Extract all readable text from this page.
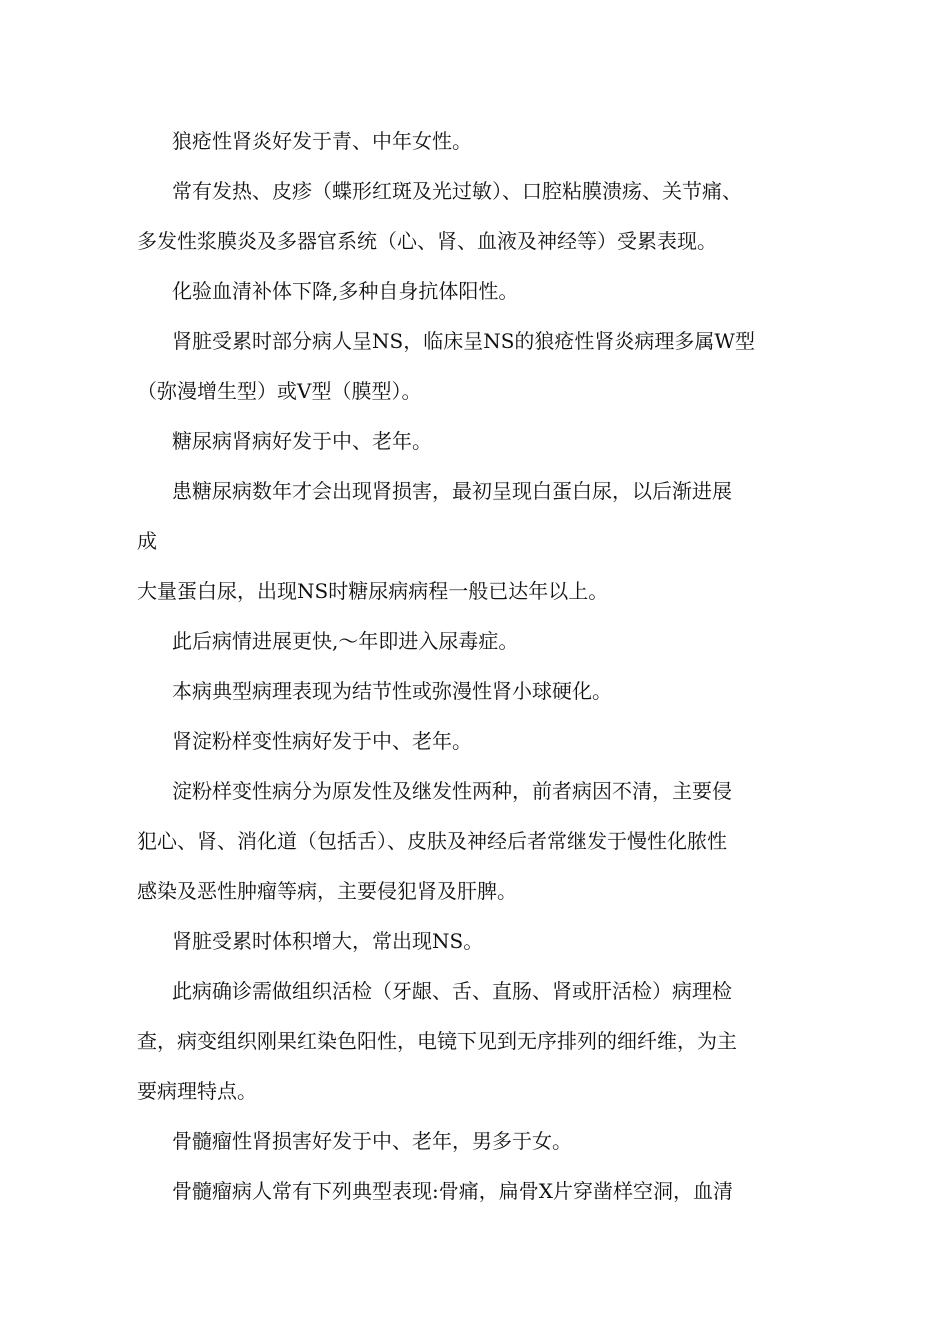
狼疮性肾炎好发于青、中年女性。
常有发热、皮疹（蝶形红斑及光过敏）、口腔粘膜溃疡、关节痛、
多发性浆膜炎及多器官系统（心、肾、血液及神经等）受累表现。
化验血清补体下降,多种自身抗体阳性。
肾脏受累时部分病人呈NS，临床呈NS的狼疮性肾炎病理多属W型
（弥漫增生型）或V型（膜型）。
糖尿病肾病好发于中、老年。
患糖尿病数年才会出现肾损害，最初呈现白蛋白尿，以后渐进展
成
大量蛋白尿，出现NS时糖尿病病程一般已达年以上。
此后病情进展更快,〜年即进入尿毒症。
本病典型病理表现为结节性或弥漫性肾小球硬化。
肾淀粉样变性病好发于中、老年。
淀粉样变性病分为原发性及继发性两种，前者病因不清，主要侵
犯心、肾、消化道（包括舌）、皮肤及神经后者常继发于慢性化脓性
感染及恶性肿瘤等病，主要侵犯肾及肝脾。
肾脏受累时体积增大，常出现NS。
此病确诊需做组织活检（牙龈、舌、直肠、肾或肝活检）病理检
查，病变组织刚果红染色阳性，电镜下见到无序排列的细纤维，为主
要病理特点。
骨髓瘤性肾损害好发于中、老年，男多于女。
骨髓瘤病人常有下列典型表现:骨痛，扁骨X片穿凿样空洞，血清
